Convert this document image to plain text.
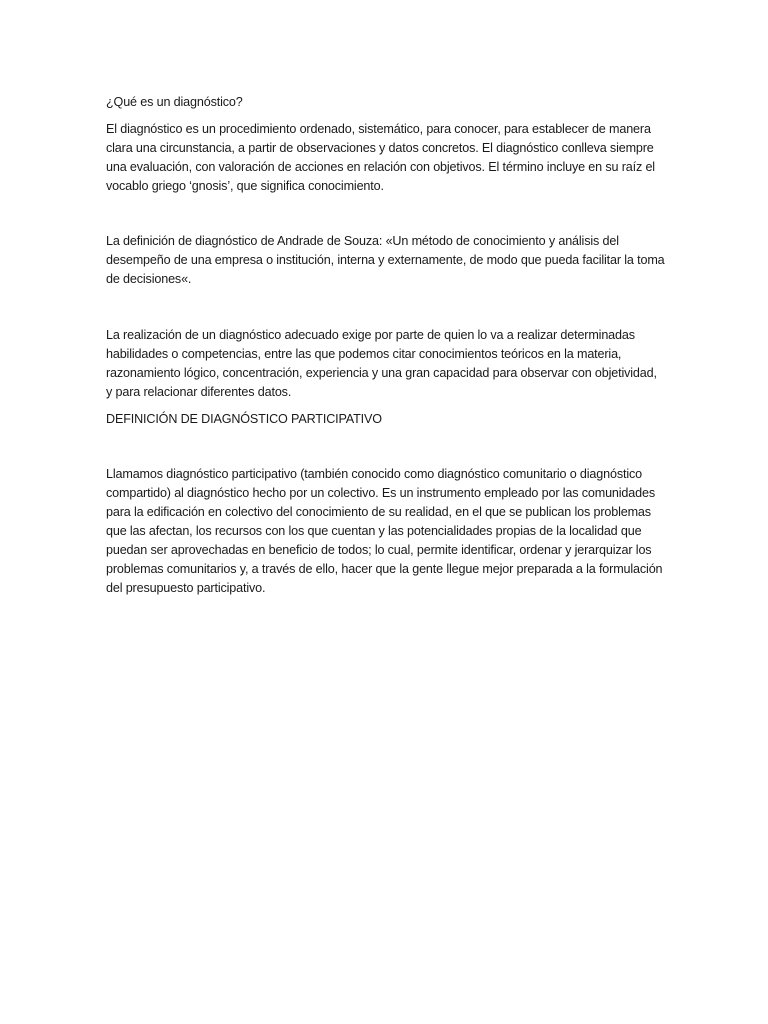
¿Qué es un diagnóstico?

El diagnóstico es un procedimiento ordenado, sistemático, para conocer, para establecer de manera clara una circunstancia, a partir de observaciones y datos concretos. El diagnóstico conlleva siempre una evaluación, con valoración de acciones en relación con objetivos. El término incluye en su raíz el vocablo griego ‘gnosis’, que significa conocimiento.

La definición de diagnóstico de Andrade de Souza: «Un método de conocimiento y análisis del desempeño de una empresa o institución, interna y externamente, de modo que pueda facilitar la toma de decisiones«.

La realización de un diagnóstico adecuado exige por parte de quien lo va a realizar determinadas habilidades o competencias, entre las que podemos citar conocimientos teóricos en la materia, razonamiento lógico, concentración, experiencia y una gran capacidad para observar con objetividad, y para relacionar diferentes datos.

DEFINICIÓN DE DIAGNÓSTICO PARTICIPATIVO

Llamamos diagnóstico participativo (también conocido como diagnóstico comunitario o diagnóstico compartido) al diagnóstico hecho por un colectivo. Es un instrumento empleado por las comunidades para la edificación en colectivo del conocimiento de su realidad, en el que se publican los problemas que las afectan, los recursos con los que cuentan y las potencialidades propias de la localidad que puedan ser aprovechadas en beneficio de todos; lo cual, permite identificar, ordenar y jerarquizar los problemas comunitarios y, a través de ello, hacer que la gente llegue mejor preparada a la formulación del presupuesto participativo.
